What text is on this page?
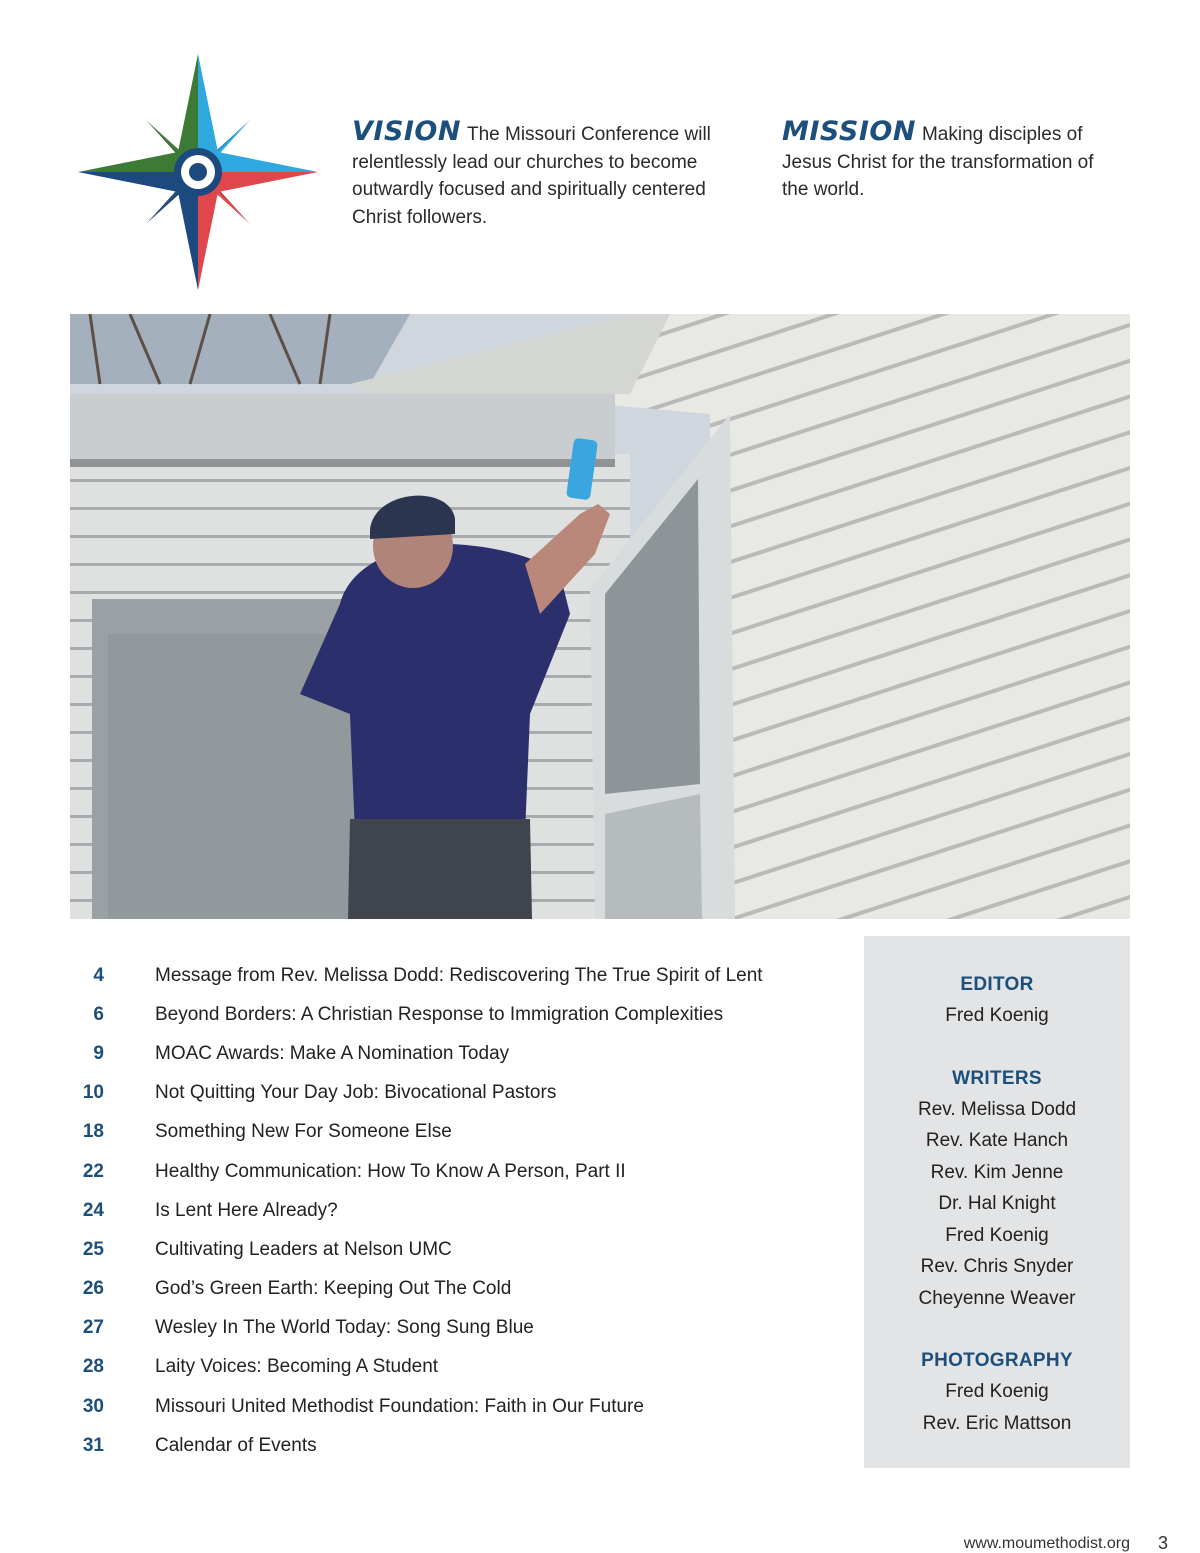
VISION The Missouri Conference will relentlessly lead our churches to become outwardly focused and spiritually centered Christ followers.
MISSION Making disciples of Jesus Christ for the transformation of the world.
4	Message from Rev. Melissa Dodd: Rediscovering The True Spirit of Lent
6	Beyond Borders: A Christian Response to Immigration Complexities
9	MOAC Awards: Make A Nomination Today
10	Not Quitting Your Day Job: Bivocational Pastors
18	Something New For Someone Else
22	Healthy Communication: How To Know A Person, Part II
24	Is Lent Here Already?
25	Cultivating Leaders at Nelson UMC
26	God’s Green Earth: Keeping Out The Cold
27	Wesley In The World Today: Song Sung Blue
28	Laity Voices: Becoming A Student
30	Missouri United Methodist Foundation: Faith in Our Future
31	Calendar of Events
EDITOR
Fred Koenig
WRITERS
Rev. Melissa Dodd
Rev. Kate Hanch
Rev. Kim Jenne
Dr. Hal Knight
Fred Koenig
Rev. Chris Snyder
Cheyenne Weaver
PHOTOGRAPHY
Fred Koenig
Rev. Eric Mattson
www.moumethodist.org 3
